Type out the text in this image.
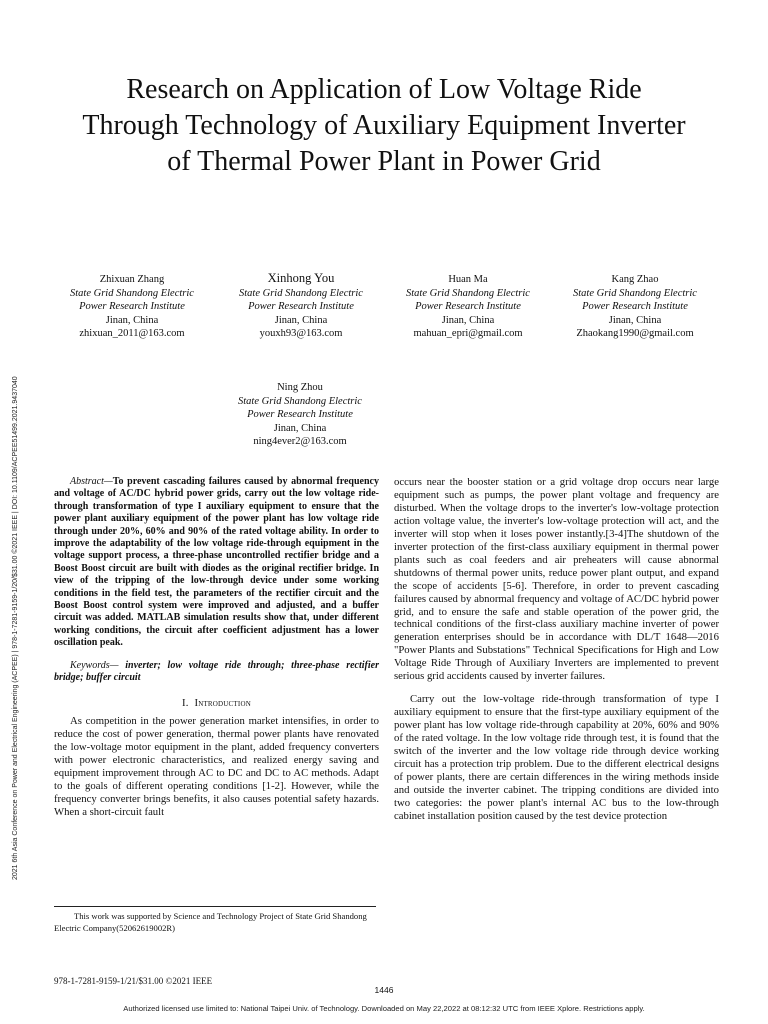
2021 6th Asia Conference on Power and Electrical Engineering (ACPEE) | 978-1-7281-9159-1/20/$31.00 ©2021 IEEE | DOI: 10.1109/ACPEE51499.2021.9437040
Research on Application of Low Voltage Ride
Through Technology of Auxiliary Equipment Inverter
of Thermal Power Plant in Power Grid
Zhixuan Zhang

State Grid Shandong Electric
Power Research Institute
Jinan, China
zhixuan_2011@163.com
Xinhong You

State Grid Shandong Electric
Power Research Institute
Jinan, China
youxh93@163.com
Huan Ma

State Grid Shandong Electric
Power Research Institute
Jinan, China
mahuan_epri@gmail.com
Kang Zhao

State Grid Shandong Electric
Power Research Institute
Jinan, China
Zhaokang1990@gmail.com
Ning Zhou

State Grid Shandong Electric
Power Research Institute
Jinan, China
ning4ever2@163.com

Abstract—To prevent cascading failures caused by abnormal frequency and voltage of AC/DC hybrid power grids, carry out the low voltage ride-through transformation of type I auxiliary equipment to ensure that the power plant auxiliary equipment of the power plant has low voltage ride through under 20%, 60% and 90% of the rated voltage ability. In order to improve the adaptability of the low voltage ride-through equipment in the voltage support process, a three-phase uncontrolled rectifier bridge and a Boost Boost circuit are built with diodes as the original rectifier bridge. In view of the tripping of the low-through device under some working conditions in the field test, the parameters of the rectifier circuit and the Boost Boost control system were improved and adjusted, and a buffer circuit was added. MATLAB simulation results show that, under different working conditions, the circuit after coefficient adjustment has a lower oscillation peak.

Keywords— inverter; low voltage ride through; three-phase rectifier bridge; buffer circuit

I. Introduction

As competition in the power generation market intensifies, in order to reduce the cost of power generation, thermal power plants have renovated the low-voltage motor equipment in the plant, added frequency converters with power electronic characteristics, and realized energy saving and equipment improvement through AC to DC and DC to AC methods. Adapt to the goals of different operating conditions [1-2]. However, while the frequency converter brings benefits, it also causes potential safety hazards. When a short-circuit fault

occurs near the booster station or a grid voltage drop occurs near large equipment such as pumps, the power plant voltage and frequency are disturbed. When the voltage drops to the inverter's low-voltage protection action voltage value, the inverter's low-voltage protection will act, and the inverter will stop when it loses power instantly.[3-4]The shutdown of the inverter protection of the first-class auxiliary equipment in thermal power plants such as coal feeders and air preheaters will cause abnormal shutdowns of thermal power units, reduce power plant output, and expand the scope of accidents [5-6]. Therefore, in order to prevent cascading failures caused by abnormal frequency and voltage of AC/DC hybrid power grid, and to ensure the safe and stable operation of the power grid, the technical conditions of the first-class auxiliary machine inverter of power generation enterprises should be in accordance with DL/T 1648—2016 "Power Plants and Substations" Technical Specifications for High and Low Voltage Ride Through of Auxiliary Inverters are implemented to prevent serious grid accidents caused by inverter failures.

Carry out the low-voltage ride-through transformation of type I auxiliary equipment to ensure that the first-type auxiliary equipment of the power plant has low voltage ride-through capability at 20%, 60% and 90% of the rated voltage. In the low voltage ride through test, it is found that the switch of the inverter and the low voltage ride through device working circuit has a protection trip problem. Due to the different electrical designs of power plants, there are certain differences in the wiring methods inside and outside the inverter cabinet. The tripping conditions are divided into two categories: the power plant's internal AC bus to the low-through cabinet installation position caused by the test device protection

This work was supported by Science and Technology Project of State Grid Shandong Electric Company(52062619002R)

978-1-7281-9159-1/21/$31.00 ©2021 IEEE
1446
Authorized licensed use limited to: National Taipei Univ. of Technology. Downloaded on May 22,2022 at 08:12:32 UTC from IEEE Xplore. Restrictions apply.
